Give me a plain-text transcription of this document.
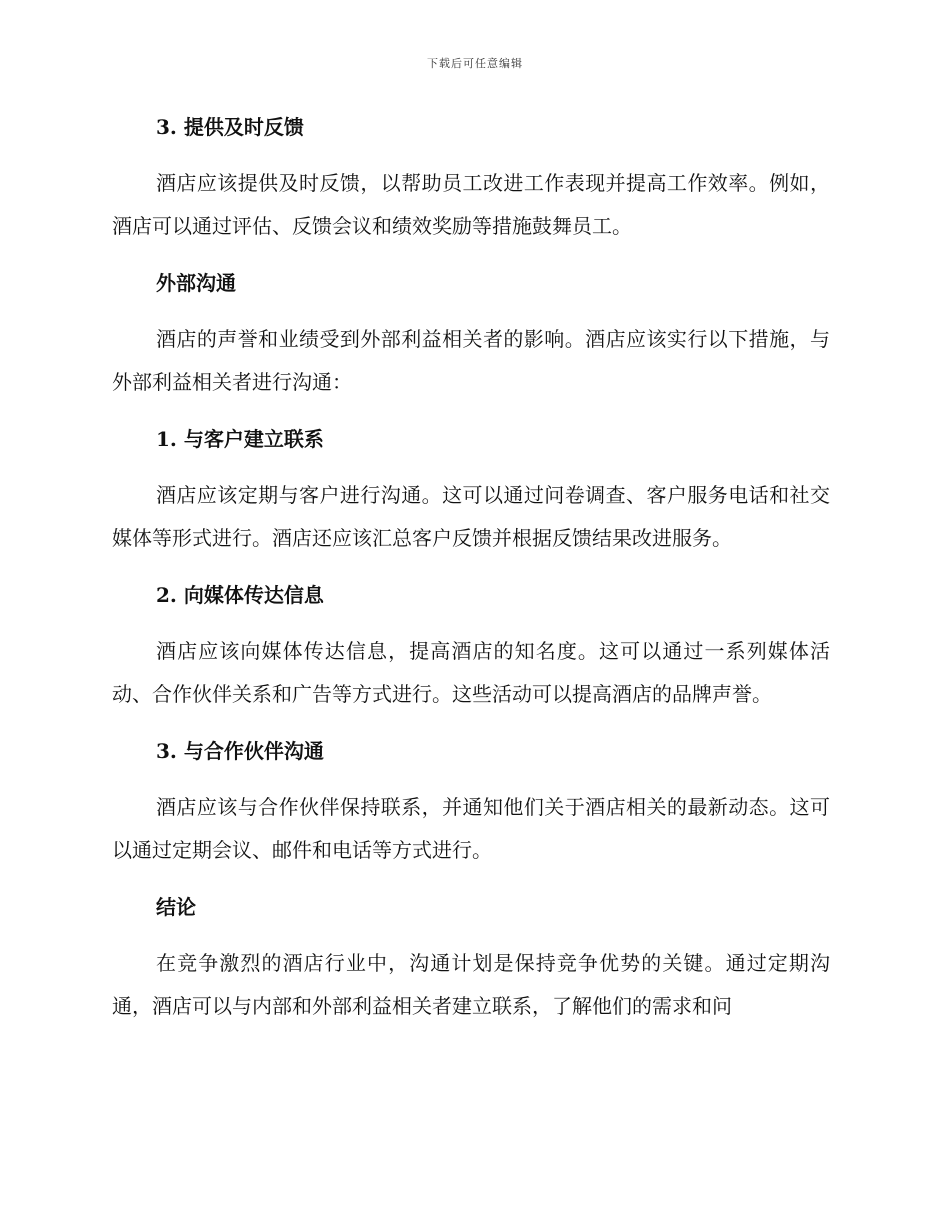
下载后可任意编辑
3. 提供及时反馈

酒店应该提供及时反馈，以帮助员工改进工作表现并提高工作效率。例如，酒店可以通过评估、反馈会议和绩效奖励等措施鼓舞员工。

外部沟通

酒店的声誉和业绩受到外部利益相关者的影响。酒店应该实行以下措施，与外部利益相关者进行沟通：

1. 与客户建立联系

酒店应该定期与客户进行沟通。这可以通过问卷调查、客户服务电话和社交媒体等形式进行。酒店还应该汇总客户反馈并根据反馈结果改进服务。

2. 向媒体传达信息

酒店应该向媒体传达信息，提高酒店的知名度。这可以通过一系列媒体活动、合作伙伴关系和广告等方式进行。这些活动可以提高酒店的品牌声誉。

3. 与合作伙伴沟通

酒店应该与合作伙伴保持联系，并通知他们关于酒店相关的最新动态。这可以通过定期会议、邮件和电话等方式进行。

结论

在竞争激烈的酒店行业中，沟通计划是保持竞争优势的关键。通过定期沟通，酒店可以与内部和外部利益相关者建立联系，了解他们的需求和问
